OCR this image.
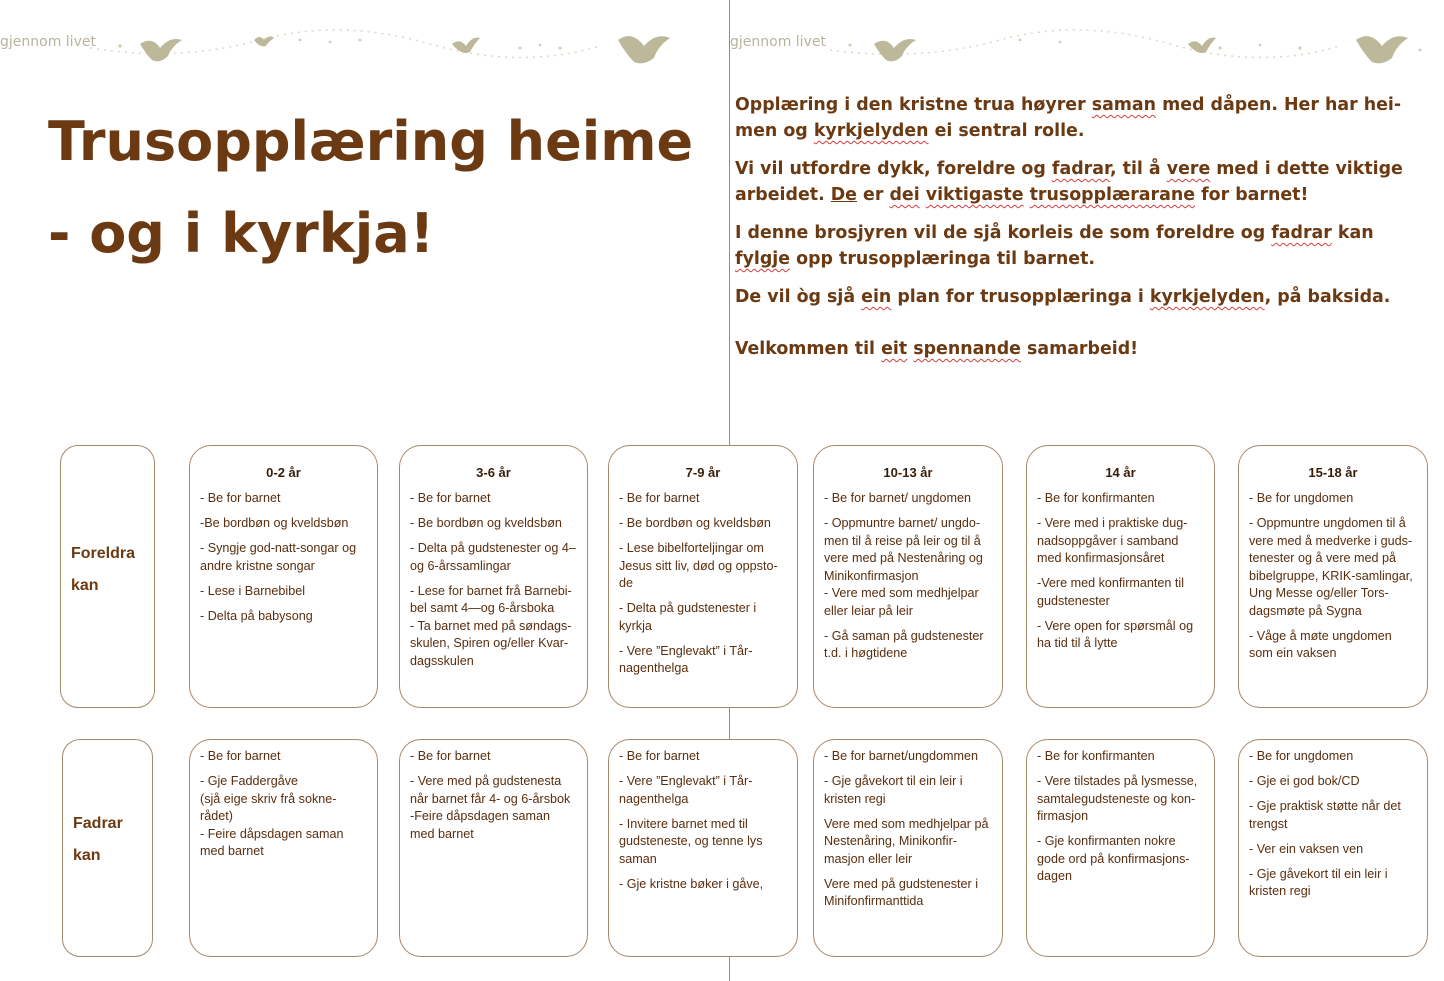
gjennom livet	gjennom livet
Trusopplæring heime
- og i kyrkja!

Opplæring i den kristne trua høyrer saman med dåpen. Her har hei-men og kyrkjelyden ei sentral rolle.

Vi vil utfordre dykk, foreldre og fadrar, til å vere med i dette viktige arbeidet. De er dei viktigaste trusopplærarane for barnet!

I denne brosjyren vil de sjå korleis de som foreldre og fadrar kan fylgje opp trusopplæringa til barnet.

De vil òg sjå ein plan for trusopplæringa i kyrkjelyden, på baksida.

Velkommen til eit spennande samarbeid!

Foreldra
kan
Fadrar
kan
0-2 år
- Be for barnet
-Be bordbøn og kveldsbøn
- Syngje god-natt-songar og andre kristne songar
- Lese i Barnebibel
- Delta på babysong
3-6 år
- Be for barnet
- Be bordbøn og kveldsbøn
- Delta på gudstenester og 4–og 6-årssamlingar
- Lese for barnet frå Barnebi-bel samt 4—og 6-årsboka
- Ta barnet med på søndags-skulen, Spiren og/eller Kvar-dagsskulen
7-9 år
- Be for barnet
- Be bordbøn og kveldsbøn
- Lese bibelforteljingar om Jesus sitt liv, død og oppsto-de
- Delta på gudstenester i kyrkja
- Vere ”Englevakt” i Tår-nagenthelga
10-13 år
- Be for barnet/ ungdomen
- Oppmuntre barnet/ ungdo-men til å reise på leir og til å vere med på Nestenåring og Minikonfirmasjon
- Vere med som medhjelpar eller leiar på leir
- Gå saman på gudstenester t.d. i høgtidene
14 år
- Be for konfirmanten
- Vere med i praktiske dug-nadsoppgåver i samband med konfirmasjonsåret
-Vere med konfirmanten til gudstenester
- Vere open for spørsmål og ha tid til å lytte
15-18 år
- Be for ungdomen
- Oppmuntre ungdomen til å vere med å medverke i guds-tenester og å vere med på bibelgruppe, KRIK-samlingar, Ung Messe og/eller Tors-dagsmøte på Sygna
- Våge å møte ungdomen som ein vaksen
- Be for barnet
- Gje Faddergåve
(sjå eige skriv frå sokne-rådet)
- Feire dåpsdagen saman med barnet
- Be for barnet
- Vere med på gudstenesta når barnet får 4- og 6-årsbok
-Feire dåpsdagen saman med barnet
- Be for barnet
- Vere ”Englevakt” i Tår-nagenthelga
- Invitere barnet med til gudsteneste, og tenne lys saman
- Gje kristne bøker i gåve,
- Be for barnet/ungdommen
- Gje gåvekort til ein leir i kristen regi
Vere med som medhjelpar på Nestenåring, Minikonfir-masjon eller leir
Vere med på gudstenester i Minifonfirmanttida
- Be for konfirmanten
- Vere tilstades på lysmesse, samtalegudsteneste og kon-firmasjon
- Gje konfirmanten nokre gode ord på konfirmasjons-dagen
- Be for ungdomen
- Gje ei god bok/CD
- Gje praktisk støtte når det trengst
- Ver ein vaksen ven
- Gje gåvekort til ein leir i kristen regi
